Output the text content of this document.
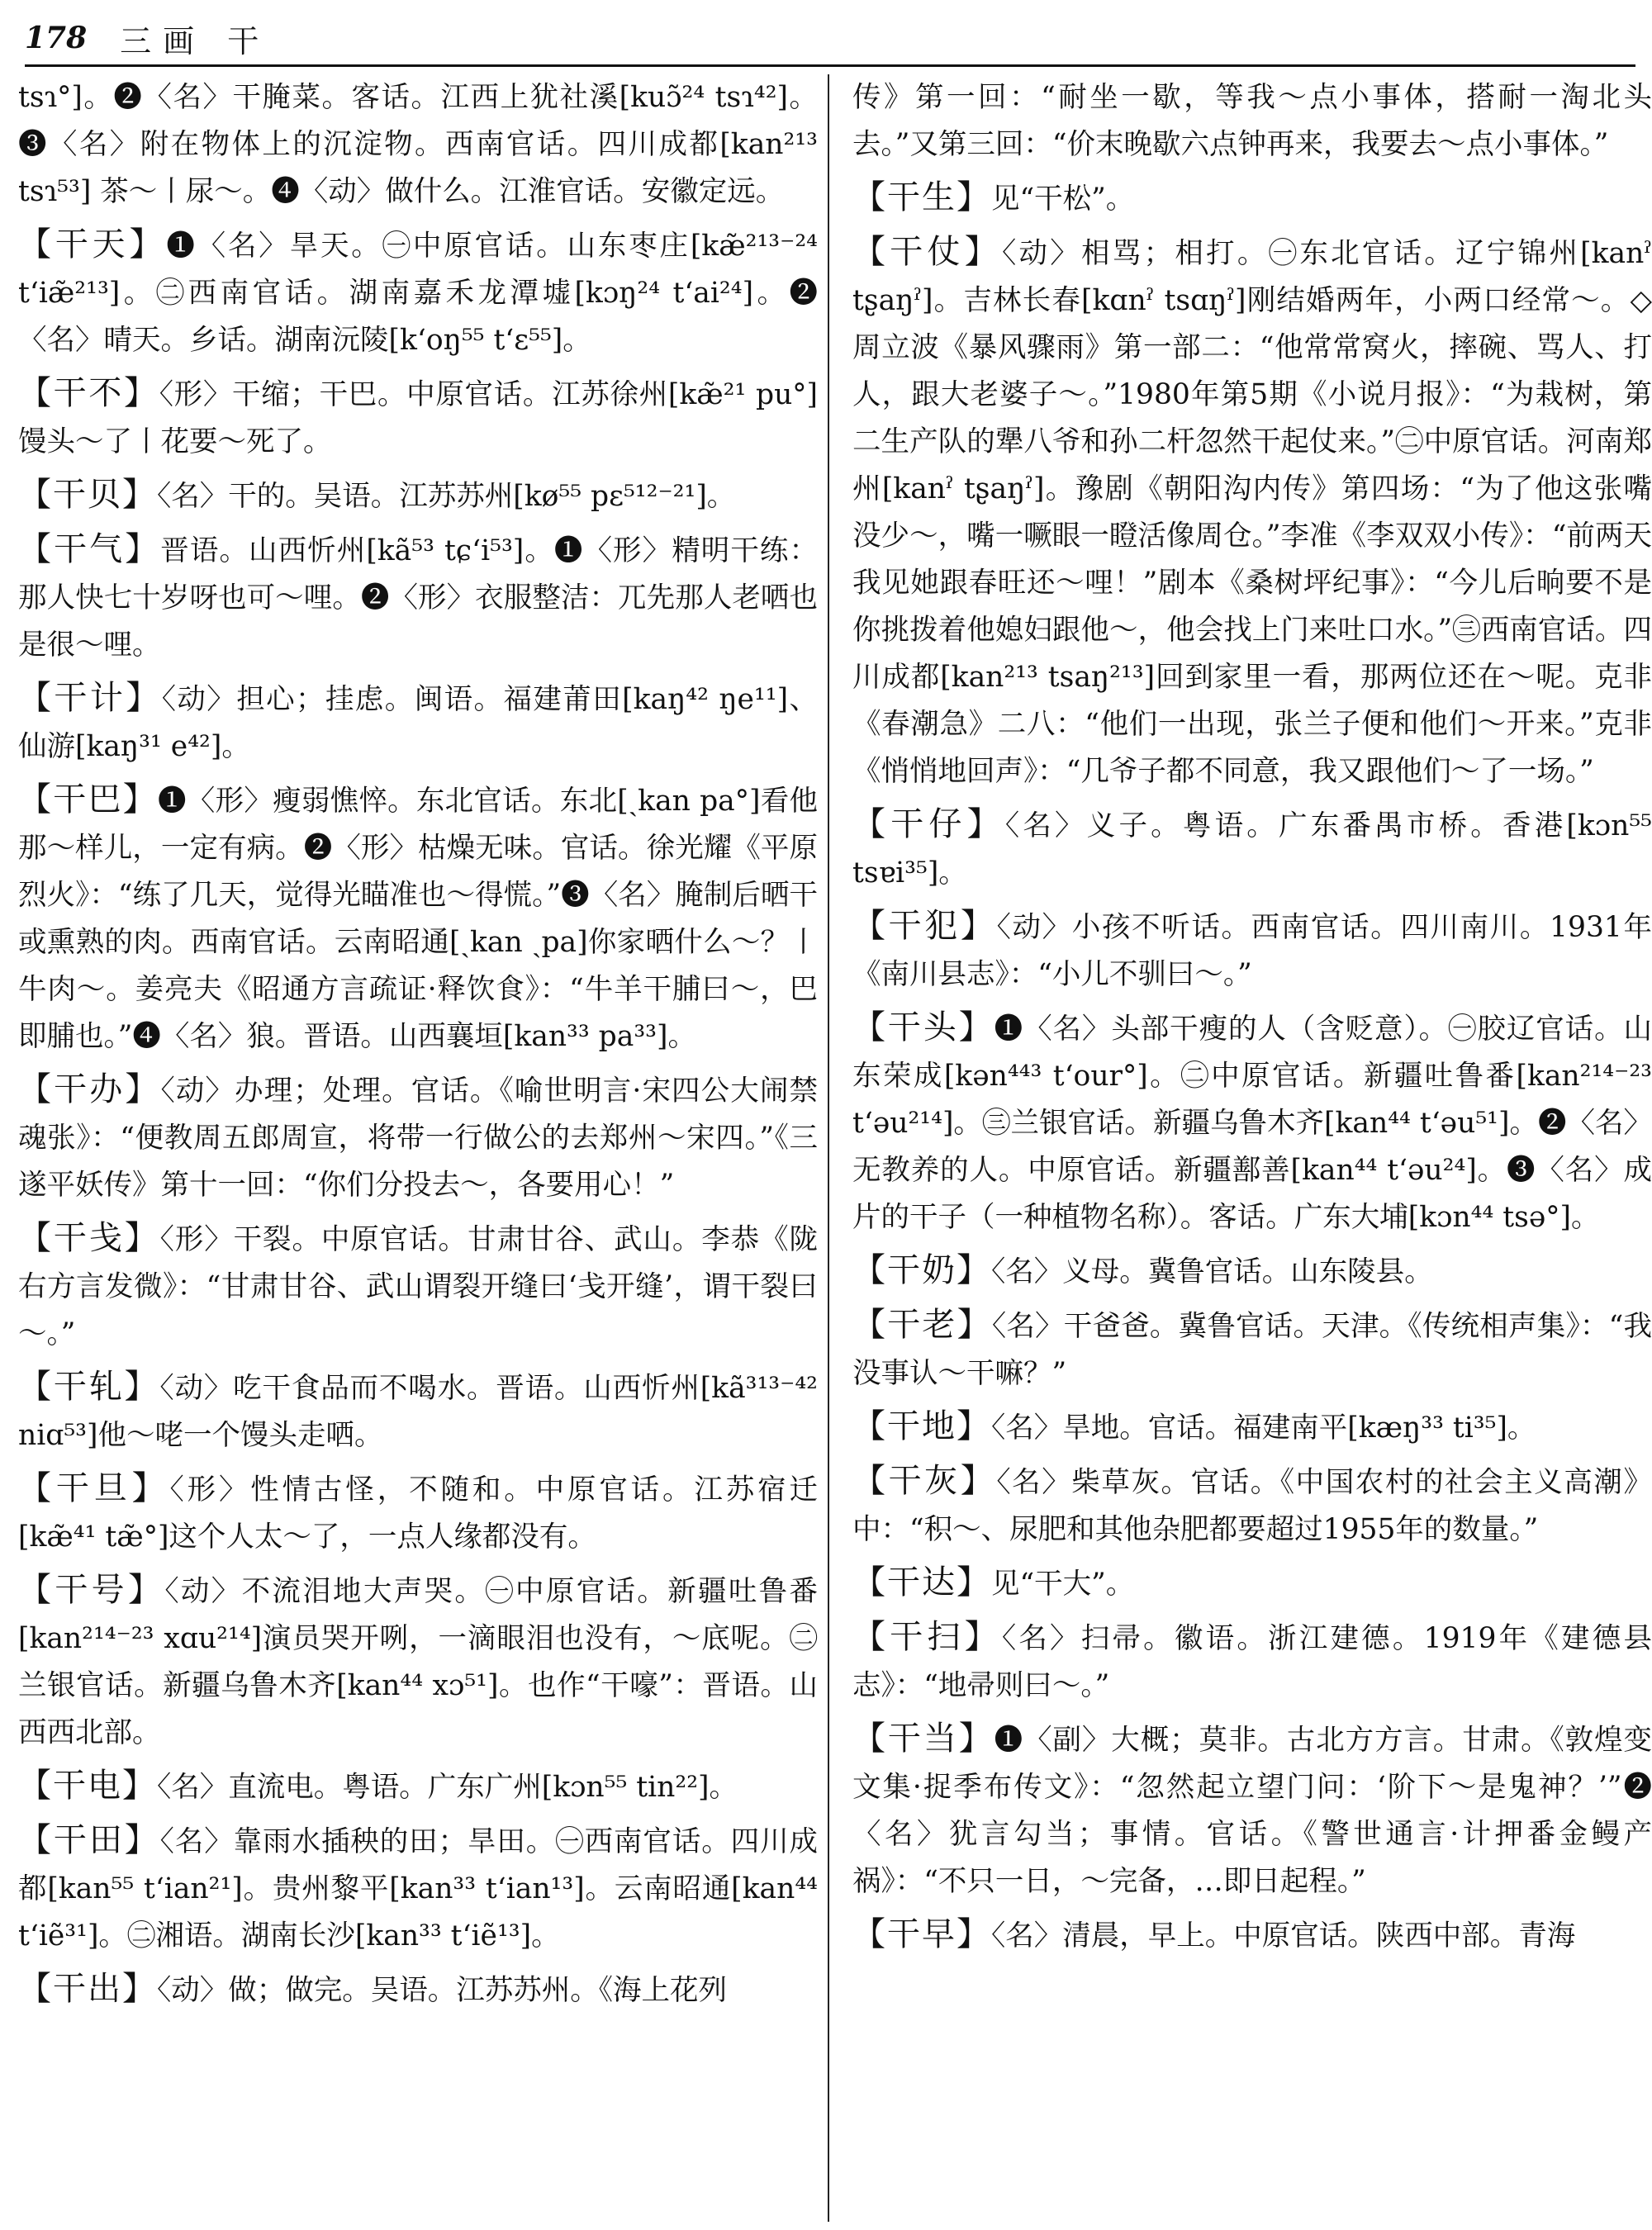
178 三画 干

tsɿ°]。❷〈名〉干腌菜。客话。江西上犹社溪[kuɔ̃²⁴ tsɿ⁴²]。❸〈名〉附在物体上的沉淀物。西南官话。四川成都[kan²¹³ tsɿ⁵³] 茶～丨尿～。❹〈动〉做什么。江淮官话。安徽定远。

【干天】❶〈名〉旱天。㊀中原官话。山东枣庄[kæ̃²¹³⁻²⁴ tʻiæ̃²¹³]。㊁西南官话。湖南嘉禾龙潭墟[kɔŋ²⁴ tʻai²⁴]。❷〈名〉晴天。乡话。湖南沅陵[kʻoŋ⁵⁵ tʻɛ⁵⁵]。

【干不】〈形〉干缩；干巴。中原官话。江苏徐州[kæ̃²¹ pu°]馒头～了丨花要～死了。

【干贝】〈名〉干的。吴语。江苏苏州[kø⁵⁵ pɛ⁵¹²⁻²¹]。

【干气】晋语。山西忻州[kã⁵³ tɕʻi⁵³]。❶〈形〉精明干练：那人快七十岁呀也可～哩。❷〈形〉衣服整洁：兀先那人老哂也是很～哩。

【干计】〈动〉担心；挂虑。闽语。福建莆田[kaŋ⁴² ŋe¹¹]、仙游[kaŋ³¹ e⁴²]。

【干巴】❶〈形〉瘦弱憔悴。东北官话。东北[ˏkan pa°]看他那～样儿，一定有病。❷〈形〉枯燥无味。官话。徐光耀《平原烈火》：“练了几天，觉得光瞄准也～得慌。”❸〈名〉腌制后晒干或熏熟的肉。西南官话。云南昭通[ˏkan ˏpa]你家晒什么～？丨牛肉～。姜亮夫《昭通方言疏证·释饮食》：“牛羊干脯曰～，巴即脯也。”❹〈名〉狼。晋语。山西襄垣[kan³³ pa³³]。

【干办】〈动〉办理；处理。官话。《喻世明言·宋四公大闹禁魂张》：“便教周五郎周宣，将带一行做公的去郑州～宋四。”《三遂平妖传》第十一回：“你们分投去～，各要用心！”

【干戋】〈形〉干裂。中原官话。甘肃甘谷、武山。李恭《陇右方言发微》：“甘肃甘谷、武山谓裂开缝曰‘戋开缝’，谓干裂曰～。”

【干轧】〈动〉吃干食品而不喝水。晋语。山西忻州[kã³¹³⁻⁴² niɑ⁵³]他～咾一个馒头走哂。

【干旦】〈形〉性情古怪，不随和。中原官话。江苏宿迁[kæ̃⁴¹ tæ̃°]这个人太～了，一点人缘都没有。

【干号】〈动〉不流泪地大声哭。㊀中原官话。新疆吐鲁番[kan²¹⁴⁻²³ xɑu²¹⁴]演员哭开咧，一滴眼泪也没有，～底呢。㊁兰银官话。新疆乌鲁木齐[kan⁴⁴ xɔ⁵¹]。也作“干嚎”：晋语。山西西北部。

【干电】〈名〉直流电。粤语。广东广州[kɔn⁵⁵ tin²²]。

【干田】〈名〉靠雨水插秧的田；旱田。㊀西南官话。四川成都[kan⁵⁵ tʻian²¹]。贵州黎平[kan³³ tʻian¹³]。云南昭通[kan⁴⁴ tʻiẽ³¹]。㊁湘语。湖南长沙[kan³³ tʻiẽ¹³]。

【干出】〈动〉做；做完。吴语。江苏苏州。《海上花列

传》第一回：“耐坐一歇，等我～点小事体，搭耐一淘北头去。”又第三回：“价末晚歇六点钟再来，我要去～点小事体。”

【干生】见“干松”。

【干仗】〈动〉相骂；相打。㊀东北官话。辽宁锦州[kanˀ tʂaŋˀ]。吉林长春[kɑnˀ tsɑŋˀ]刚结婚两年，小两口经常～。◇周立波《暴风骤雨》第一部二：“他常常窝火，摔碗、骂人、打人，跟大老婆子～。”1980年第5期《小说月报》：“为栽树，第二生产队的犟八爷和孙二杆忽然干起仗来。”㊁中原官话。河南郑州[kanˀ tʂaŋˀ]。豫剧《朝阳沟内传》第四场：“为了他这张嘴没少～，嘴一噘眼一瞪活像周仓。”李准《李双双小传》：“前两天我见她跟春旺还～哩！”剧本《桑树坪纪事》：“今儿后晌要不是你挑拨着他媳妇跟他～，他会找上门来吐口水。”㊂西南官话。四川成都[kan²¹³ tsaŋ²¹³]回到家里一看，那两位还在～呢。克非《春潮急》二八：“他们一出现，张兰子便和他们～开来。”克非《悄悄地回声》：“几爷子都不同意，我又跟他们～了一场。”

【干仔】〈名〉义子。粤语。广东番禺市桥。香港[kɔn⁵⁵ tsɐi³⁵]。

【干犯】〈动〉小孩不听话。西南官话。四川南川。1931年《南川县志》：“小儿不驯曰～。”

【干头】❶〈名〉头部干瘦的人（含贬意）。㊀胶辽官话。山东荣成[kən⁴⁴³ tʻour°]。㊁中原官话。新疆吐鲁番[kan²¹⁴⁻²³ tʻəu²¹⁴]。㊂兰银官话。新疆乌鲁木齐[kan⁴⁴ tʻəu⁵¹]。❷〈名〉无教养的人。中原官话。新疆鄯善[kan⁴⁴ tʻəu²⁴]。❸〈名〉成片的干子（一种植物名称）。客话。广东大埔[kɔn⁴⁴ tsə°]。

【干奶】〈名〉义母。冀鲁官话。山东陵县。

【干老】〈名〉干爸爸。冀鲁官话。天津。《传统相声集》：“我没事认～干嘛？”

【干地】〈名〉旱地。官话。福建南平[kæŋ³³ ti³⁵]。

【干灰】〈名〉柴草灰。官话。《中国农村的社会主义高潮》中：“积～、尿肥和其他杂肥都要超过1955年的数量。”

【干达】见“干大”。

【干扫】〈名〉扫帚。徽语。浙江建德。1919年《建德县志》：“地帚则曰～。”

【干当】❶〈副〉大概；莫非。古北方方言。甘肃。《敦煌变文集·捉季布传文》：“忽然起立望门问：‘阶下～是鬼神？’”❷〈名〉犹言勾当；事情。官话。《警世通言·计押番金鳗产祸》：“不只一日，～完备，…即日起程。”

【干早】〈名〉清晨，早上。中原官话。陕西中部。青海
